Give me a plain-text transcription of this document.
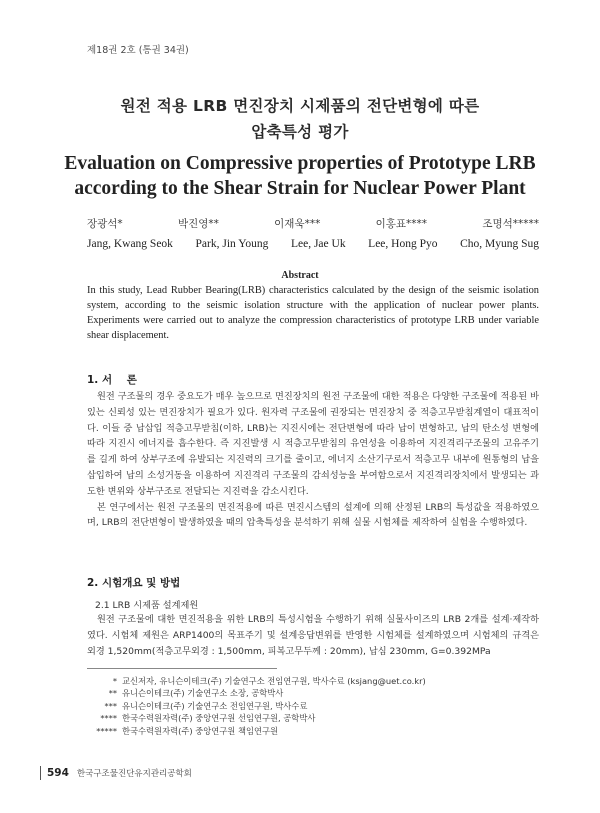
제18권 2호 (통권 34권)
원전 적용 LRB 면진장치 시제품의 전단변형에 따른
압축특성 평가
Evaluation on Compressive properties of Prototype LRB
according to the Shear Strain for Nuclear Power Plant
장광석*	박진영**	이재욱***	이홍표****	조명석*****
Jang, Kwang Seok Park, Jin Young Lee, Jae Uk Lee, Hong Pyo Cho, Myung Sug
Abstract
In this study, Lead Rubber Bearing(LRB) characteristics calculated by the design of the seismic isolation system, according to the seismic isolation structure with the application of nuclear power plants. Experiments were carried out to analyze the compression characteristics of prototype LRB under variable shear displacement.
1. 서    론

원전 구조물의 경우 중요도가 매우 높으므로 면진장치의 원전 구조물에 대한 적용은 다양한 구조물에 적용된 바 있는 신뢰성 있는 면진장치가 필요가 있다. 원자력 구조물에 권장되는 면진장치 중 적층고무받침계열이 대표적이다. 이들 중 납삽입 적층고무받침(이하, LRB)는 지진시에는 전단변형에 따라 납이 변형하고, 납의 탄소성 변형에 따라 지진시 에너지를 흡수한다. 즉 지진발생 시 적층고무받침의 유연성을 이용하여 지진격리구조물의 고유주기를 길게 하여 상부구조에 유발되는 지진력의 크기를 줄이고, 에너지 소산기구로서 적층고무 내부에 원통형의 납을 삽입하여 납의 소성거동을 이용하여 지진격리 구조물의 감쇠성능을 부여함으로서 지진격리장치에서 발생되는 과도한 변위와 상부구조로 전달되는 지진력을 감소시킨다.

본 연구에서는 원전 구조물의 면진적용에 따른 면진시스템의 설계에 의해 산정된 LRB의 특성값을 적용하였으며, LRB의 전단변형이 발생하였을 때의 압축특성을 분석하기 위해 실물 시험체를 제작하여 실험을 수행하였다.

2. 시험개요 및 방법
2.1 LRB 시제품 설계제원

원전 구조물에 대한 면진적용을 위한 LRB의 특성시험을 수행하기 위해 실물사이즈의 LRB 2개를 설계·제작하였다. 시험체 제원은 ARP1400의 목표주기 및 설계응답변위를 반영한 시험체를 설계하였으며 시험체의 규격은 외경 1,520mm(적층고무외경 : 1,500mm, 피복고무두께 : 20mm), 납심 230mm, G=0.392MPa

* 교신저자, 유니슨이테크(주) 기술연구소 전임연구원, 박사수료 (ksjang@uet.co.kr)
** 유니슨이테크(주) 기술연구소 소장, 공학박사
*** 유니슨이테크(주) 기술연구소 전임연구원, 박사수료
**** 한국수력원자력(주) 중앙연구원 선임연구원, 공학박사
***** 한국수력원자력(주) 중앙연구원 책임연구원
594 한국구조물진단유지관리공학회
